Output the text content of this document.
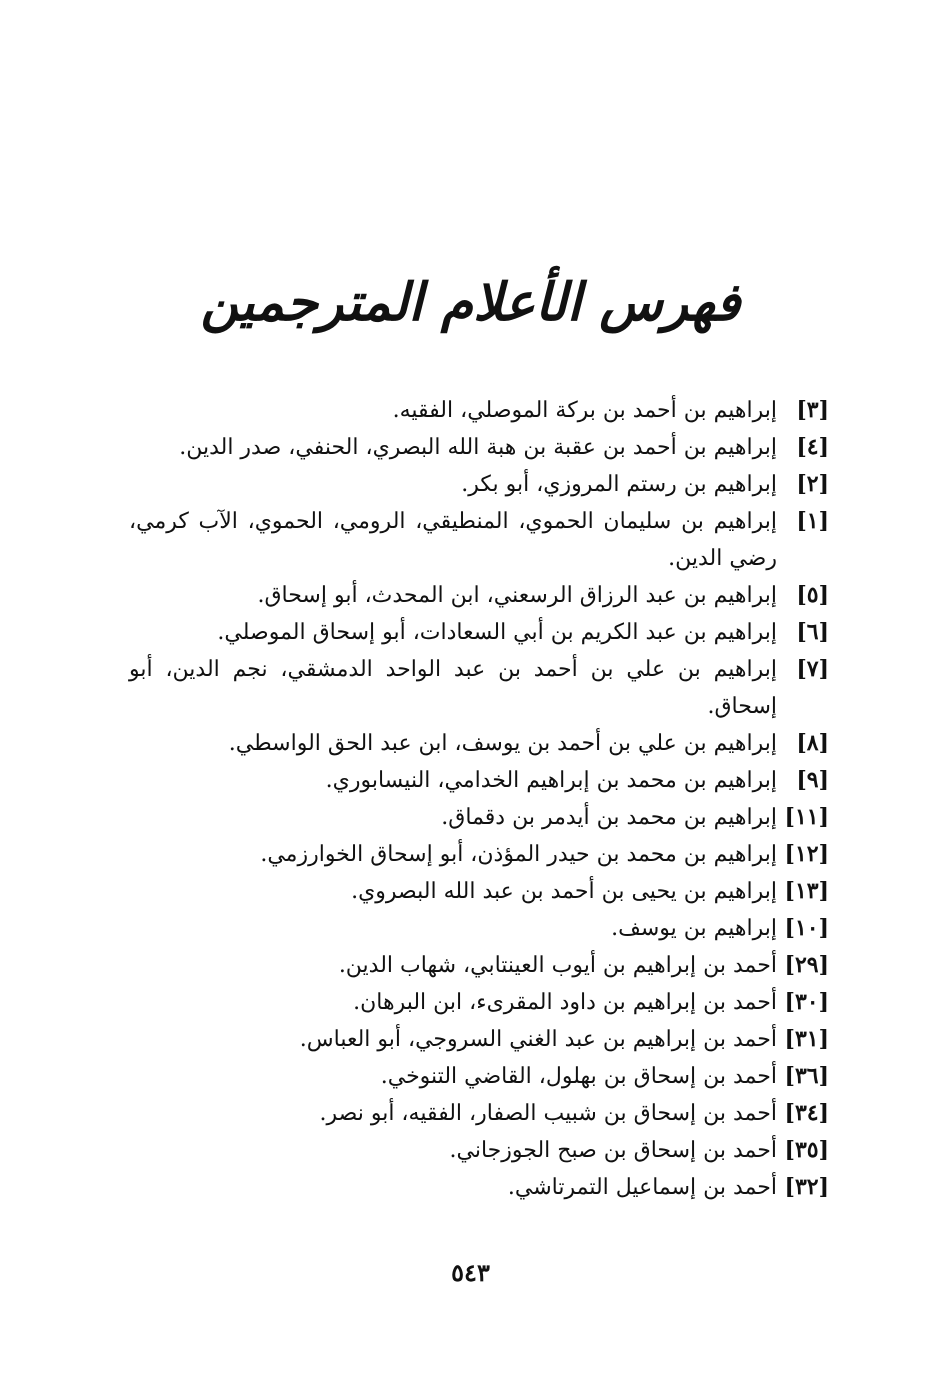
فهرس الأعلام المترجمين
[٣]
إبراهيم بن أحمد بن بركة الموصلي، الفقيه.
[٤]
إبراهيم بن أحمد بن عقبة بن هبة الله البصري، الحنفي، صدر الدين.
[٢]
إبراهيم بن رستم المروزي، أبو بكر.
[١]
إبراهيم بن سليمان الحموي، المنطيقي، الرومي، الحموي، الآب كرمي، رضي الدين.
[٥]
إبراهيم بن عبد الرزاق الرسعني، ابن المحدث، أبو إسحاق.
[٦]
إبراهيم بن عبد الكريم بن أبي السعادات، أبو إسحاق الموصلي.
[٧]
إبراهيم بن علي بن أحمد بن عبد الواحد الدمشقي، نجم الدين، أبو إسحاق.
[٨]
إبراهيم بن علي بن أحمد بن يوسف، ابن عبد الحق الواسطي.
[٩]
إبراهيم بن محمد بن إبراهيم الخدامي، النيسابوري.
[١١]
إبراهيم بن محمد بن أيدمر بن دقماق.
[١٢]
إبراهيم بن محمد بن حيدر المؤذن، أبو إسحاق الخوارزمي.
[١٣]
إبراهيم بن يحيى بن أحمد بن عبد الله البصروي.
[١٠]
إبراهيم بن يوسف.
[٢٩]
أحمد بن إبراهيم بن أيوب العينتابي، شهاب الدين.
[٣٠]
أحمد بن إبراهيم بن داود المقرىء، ابن البرهان.
[٣١]
أحمد بن إبراهيم بن عبد الغني السروجي، أبو العباس.
[٣٦]
أحمد بن إسحاق بن بهلول، القاضي التنوخي.
[٣٤]
أحمد بن إسحاق بن شبيب الصفار، الفقيه، أبو نصر.
[٣٥]
أحمد بن إسحاق بن صبح الجوزجاني.
[٣٢]
أحمد بن إسماعيل التمرتاشي.
٥٤٣
